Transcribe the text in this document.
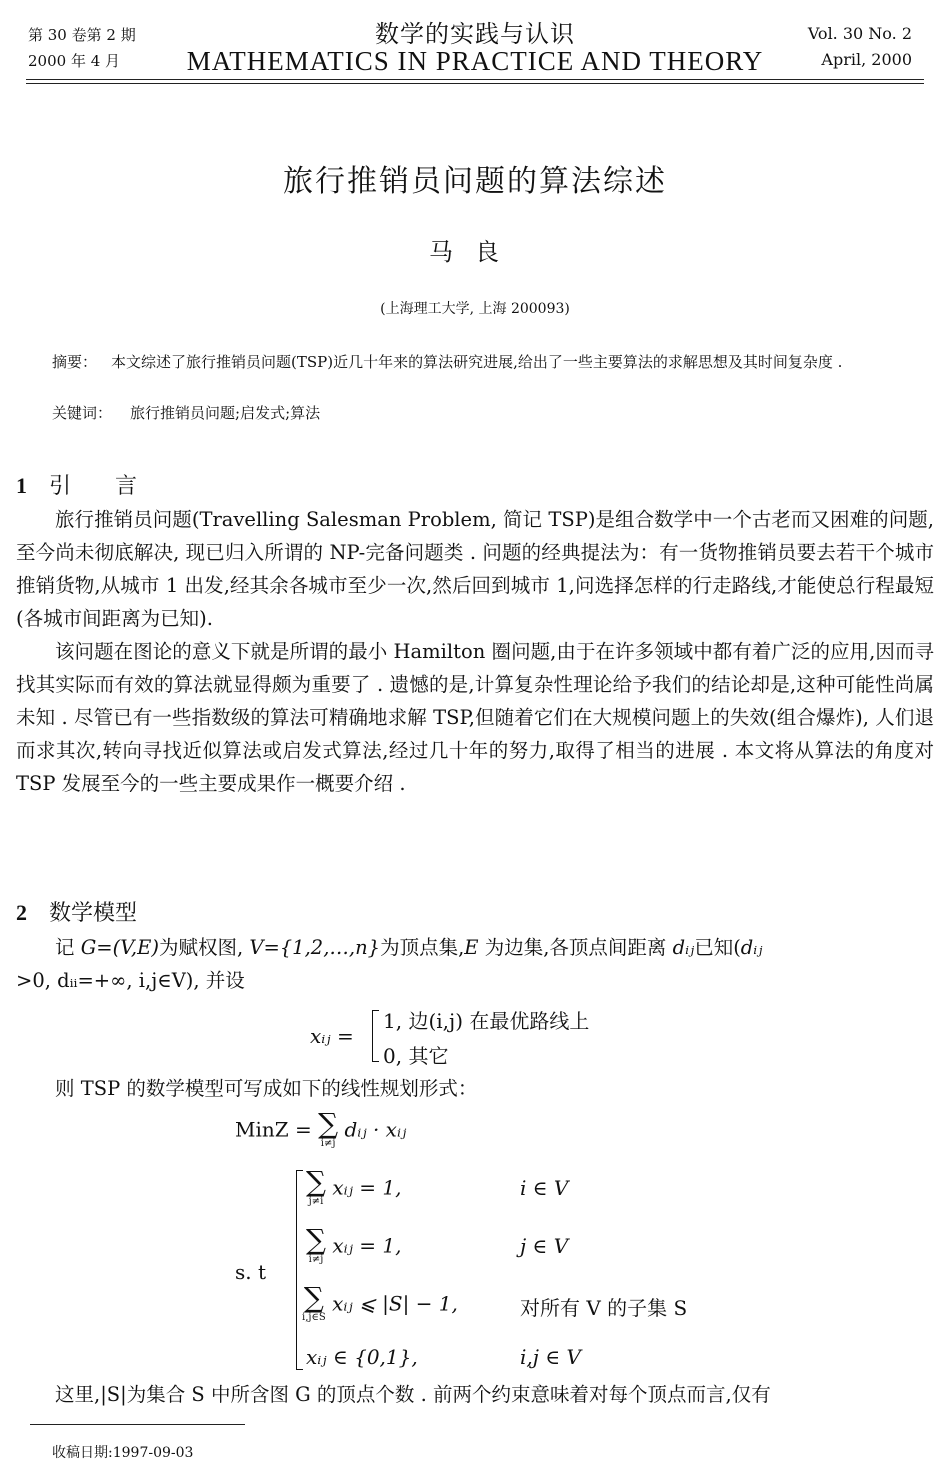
第 30 卷第 2 期
2000 年 4 月
数学的实践与认识
MATHEMATICS IN PRACTICE AND THEORY
Vol. 30 No. 2
April, 2000
旅行推销员问题的算法综述
马良
(上海理工大学, 上海 200093)
摘要： 本文综述了旅行推销员问题(TSP)近几十年来的算法研究进展,给出了一些主要算法的求解思想及其时间复杂度 .
关键词： 旅行推销员问题;启发式;算法
1 引　　言

旅行推销员问题(Travelling Salesman Problem, 简记 TSP)是组合数学中一个古老而又困难的问题,至今尚未彻底解决, 现已归入所谓的 NP-完备问题类 . 问题的经典提法为：有一货物推销员要去若干个城市推销货物,从城市 1 出发,经其余各城市至少一次,然后回到城市 1,问选择怎样的行走路线,才能使总行程最短(各城市间距离为已知).

该问题在图论的意义下就是所谓的最小 Hamilton 圈问题,由于在许多领域中都有着广泛的应用,因而寻找其实际而有效的算法就显得颇为重要了 . 遗憾的是,计算复杂性理论给予我们的结论却是,这种可能性尚属未知 . 尽管已有一些指数级的算法可精确地求解 TSP,但随着它们在大规模问题上的失效(组合爆炸), 人们退而求其次,转向寻找近似算法或启发式算法,经过几十年的努力,取得了相当的进展 . 本文将从算法的角度对 TSP 发展至今的一些主要成果作一概要介绍 .

2 数学模型

记 G=(V,E)为赋权图, V={1,2,…,n}为顶点集,E 为边集,各顶点间距离 dᵢⱼ已知(dᵢⱼ

>0, dᵢᵢ=+∞, i,j∈V), 并设

xᵢⱼ =
1, 边(i,j) 在最优路线上
0, 其它

则 TSP 的数学模型可写成如下的线性规划形式：

MinZ = ∑
i≠j
dᵢⱼ · xᵢⱼ
s. t
∑
j≠i
xᵢⱼ = 1,	i ∈ V
∑
i≠j
xᵢⱼ = 1,	j ∈ V
∑
i,j∈S
xᵢⱼ ⩽ |S| − 1,	对所有 V 的子集 S
xᵢⱼ ∈ {0,1},	i,j ∈ V

这里,|S|为集合 S 中所含图 G 的顶点个数 . 前两个约束意味着对每个顶点而言,仅有

收稿日期:1997-09-03
